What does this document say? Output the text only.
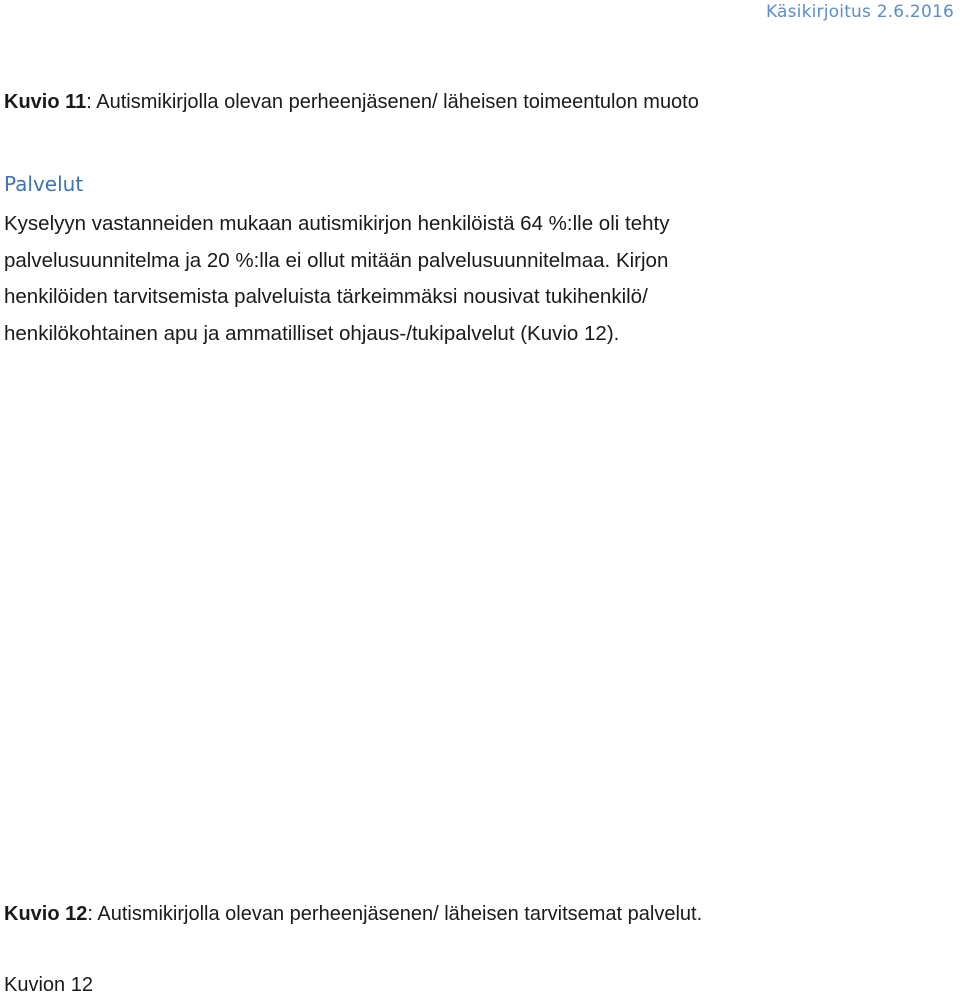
Käsikirjoitus 2.6.2016
Kuvio 11: Autismikirjolla olevan perheenjäsenen/ läheisen toimeentulon muoto
Palvelut

Kyselyyn vastanneiden mukaan autismikirjon henkilöistä 64 %:lle oli tehty
palvelusuunnitelma ja 20 %:lla ei ollut mitään palvelusuunnitelmaa. Kirjon
henkilöiden tarvitsemista palveluista tärkeimmäksi nousivat tukihenkilö/
henkilökohtainen apu ja ammatilliset ohjaus-/tukipalvelut (Kuvio 12).

Kuvio 12: Autismikirjolla olevan perheenjäsenen/ läheisen tarvitsemat palvelut.
Kuvion 12
